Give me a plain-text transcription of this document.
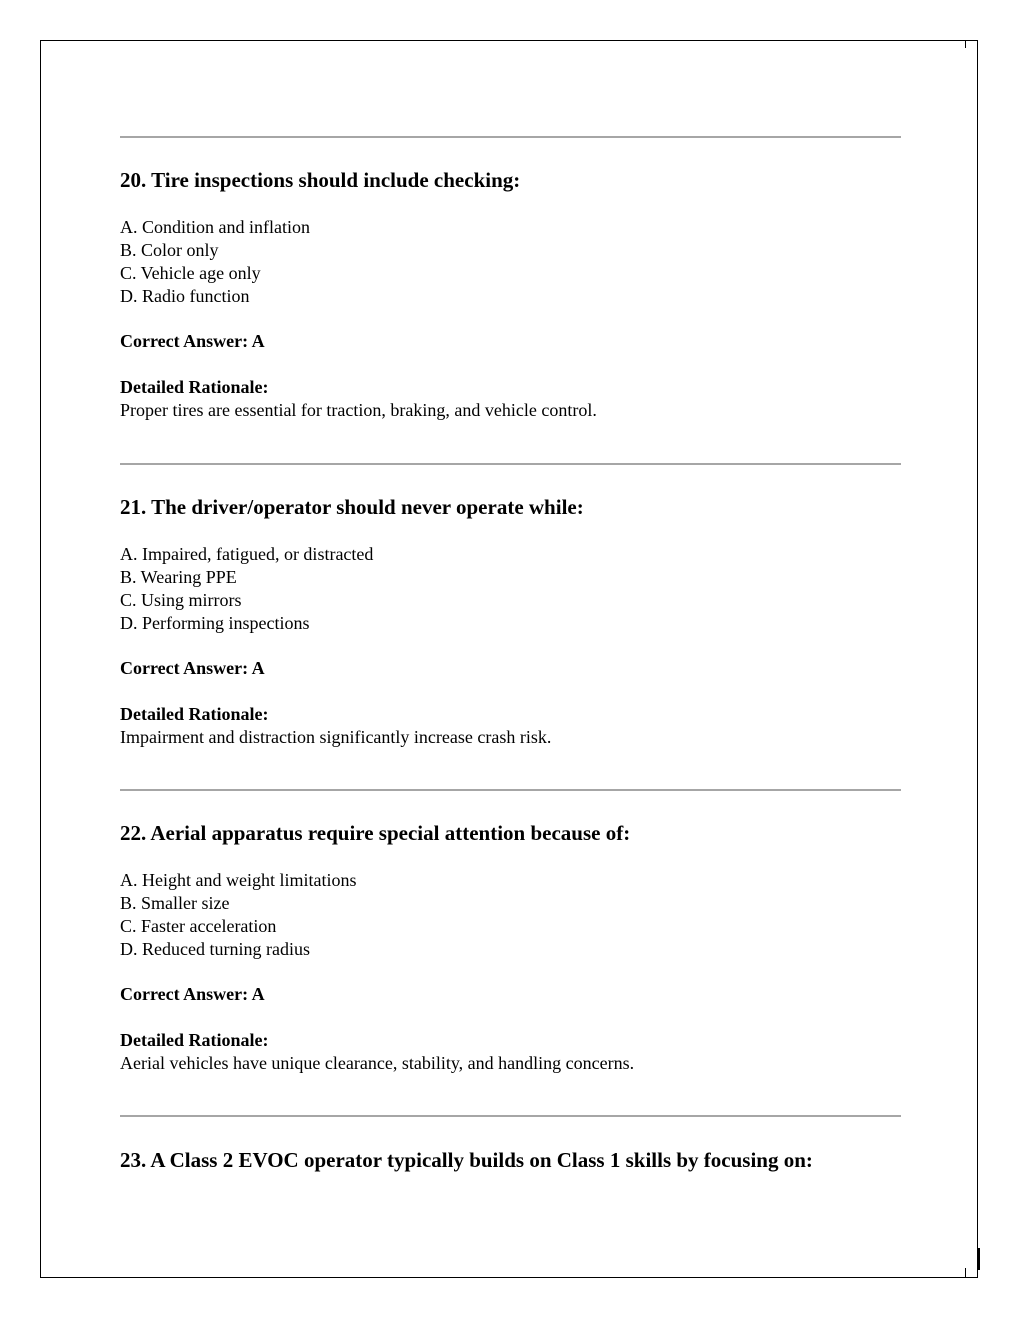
20. Tire inspections should include checking:
A. Condition and inflation
B. Color only
C. Vehicle age only
D. Radio function
Correct Answer: A
Detailed Rationale:
Proper tires are essential for traction, braking, and vehicle control.
21. The driver/operator should never operate while:
A. Impaired, fatigued, or distracted
B. Wearing PPE
C. Using mirrors
D. Performing inspections
Correct Answer: A
Detailed Rationale:
Impairment and distraction significantly increase crash risk.
22. Aerial apparatus require special attention because of:
A. Height and weight limitations
B. Smaller size
C. Faster acceleration
D. Reduced turning radius
Correct Answer: A
Detailed Rationale:
Aerial vehicles have unique clearance, stability, and handling concerns.
23. A Class 2 EVOC operator typically builds on Class 1 skills by focusing on:
